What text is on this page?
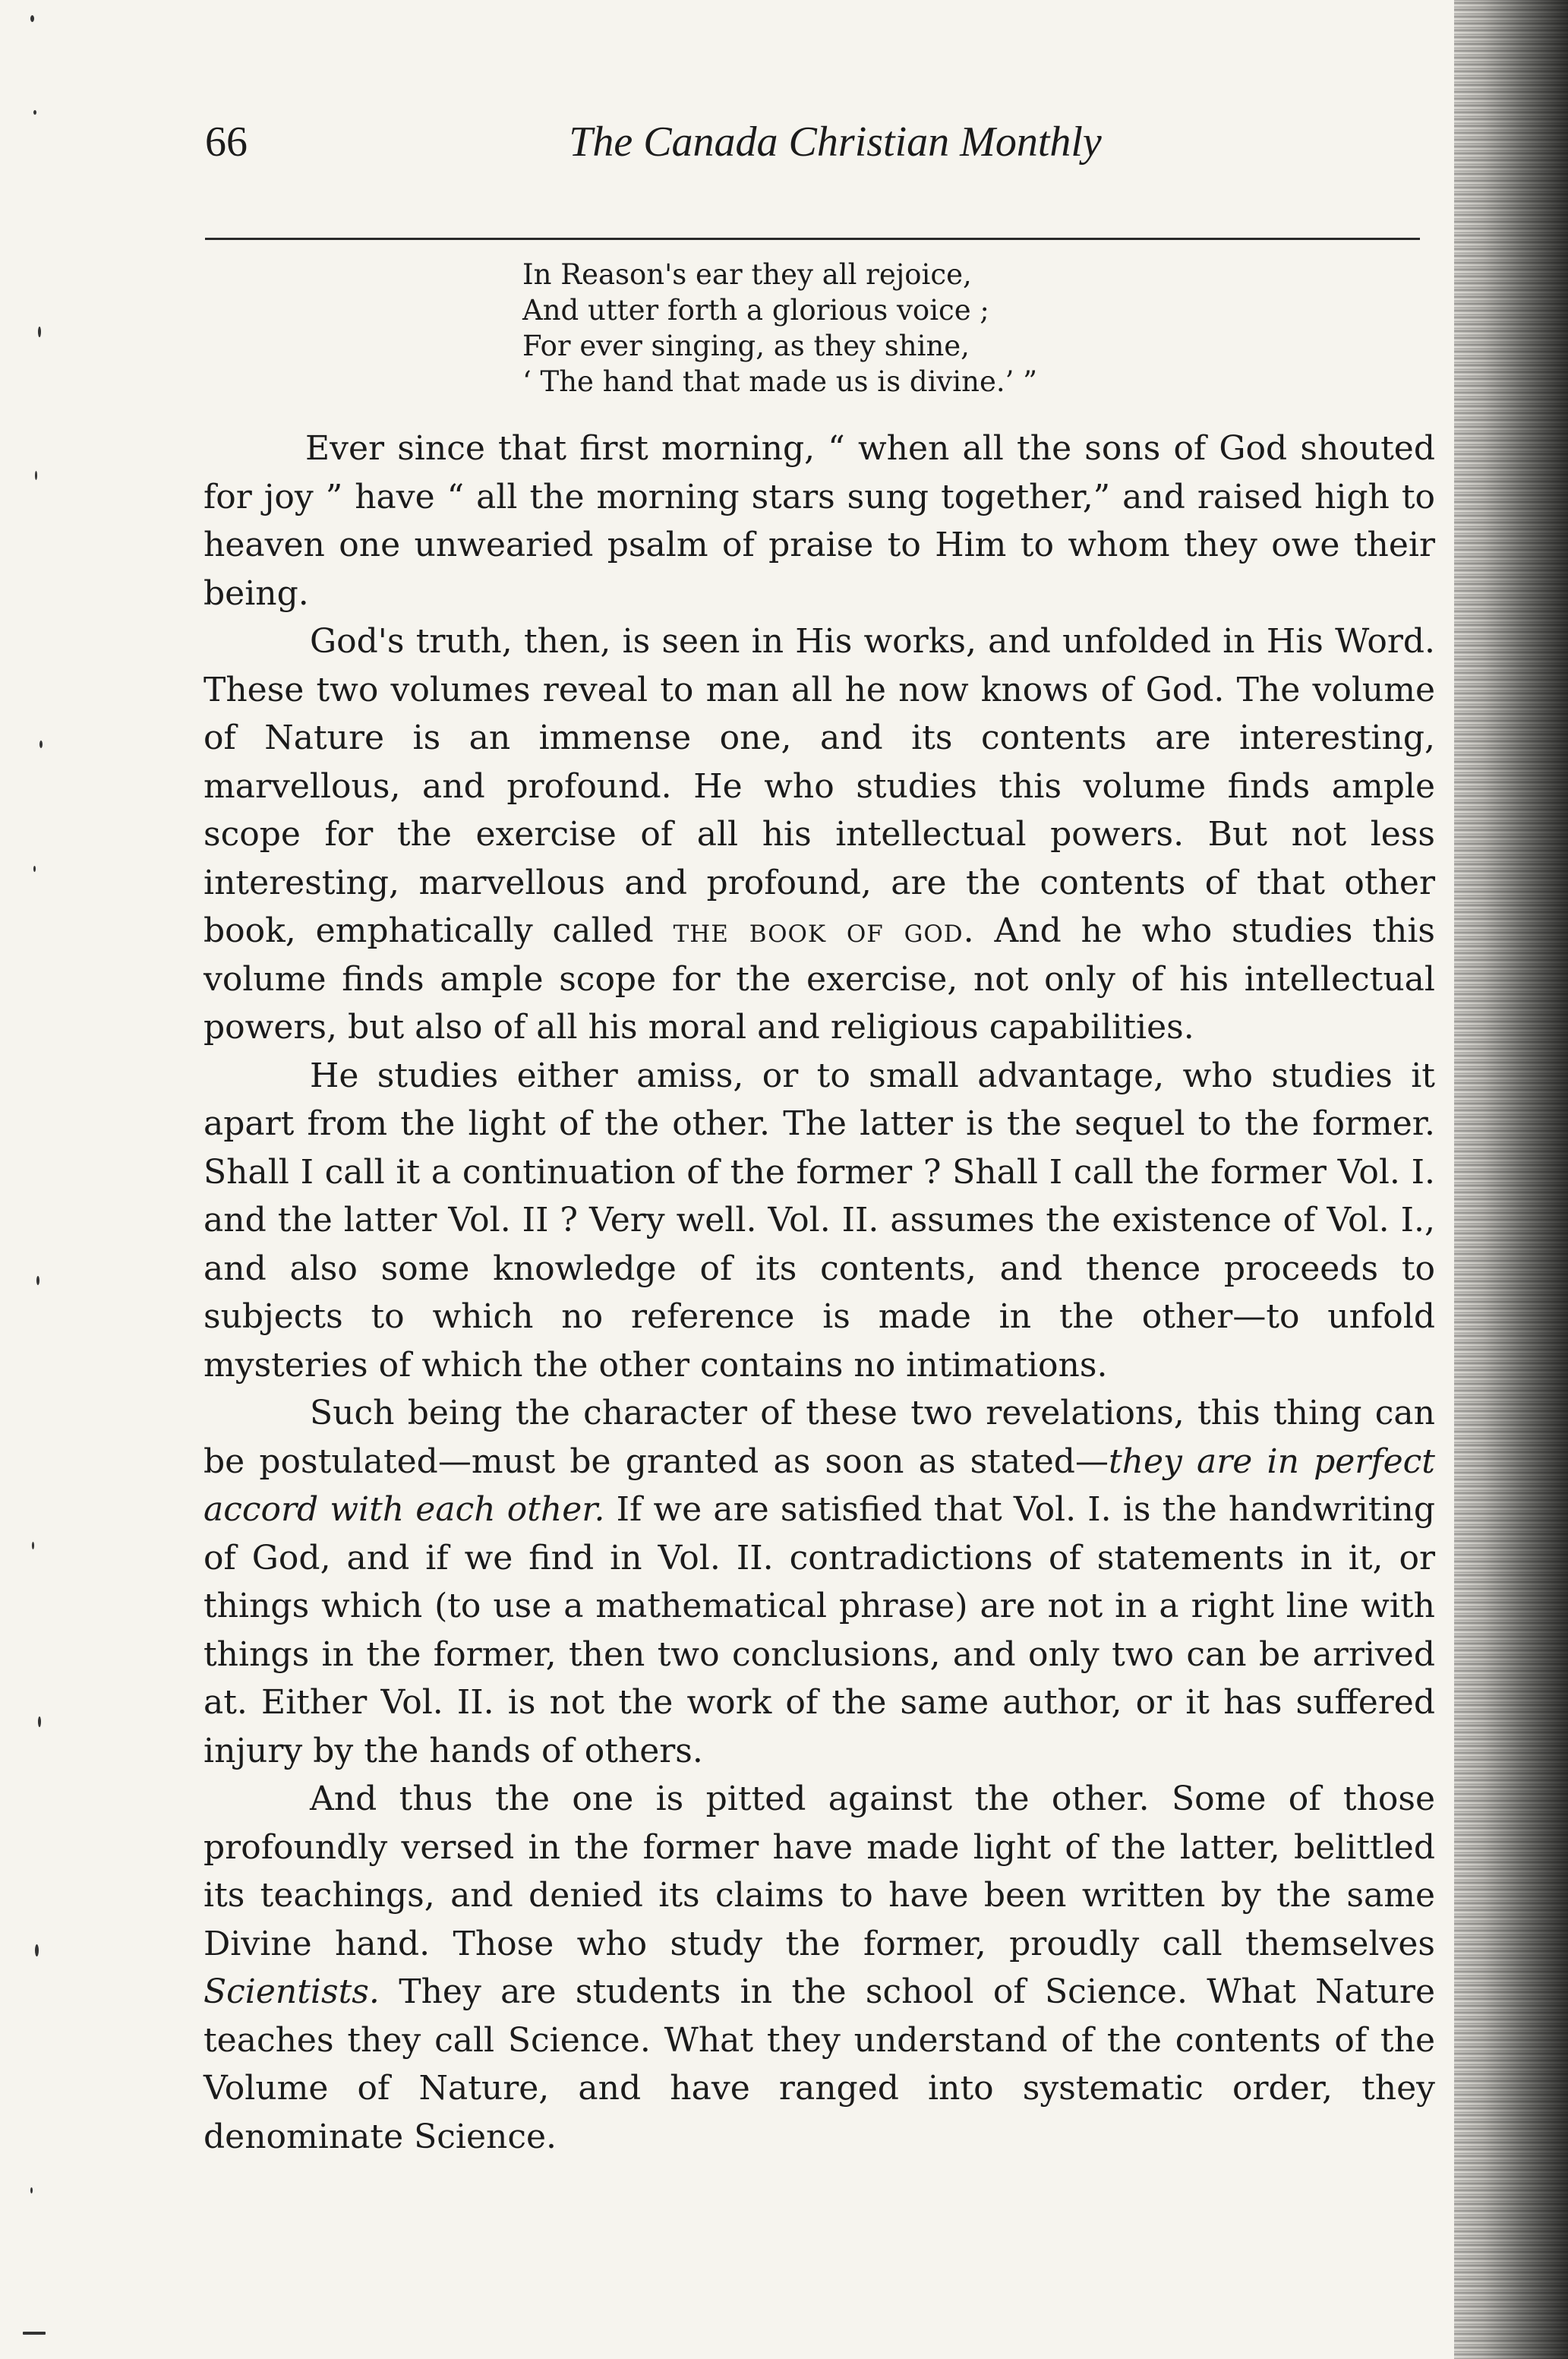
66	The Canada Christian Monthly
In Reason's ear they all rejoice,
And utter forth a glorious voice ;
For ever singing, as they shine,
‘ The hand that made us is divine.’ ”

Ever since that first morning, “ when all the sons of God shouted for joy ” have “ all the morning stars sung together,” and raised high to heaven one unwearied psalm of praise to Him to whom they owe their being.

God's truth, then, is seen in His works, and unfolded in His Word. These two volumes reveal to man all he now knows of God. The volume of Nature is an immense one, and its contents are interesting, marvellous, and profound. He who studies this volume finds ample scope for the exercise of all his intellectual powers. But not less interesting, marvellous and profound, are the contents of that other book, emphatically called the book of god. And he who studies this volume finds ample scope for the exercise, not only of his intellectual powers, but also of all his moral and religious capabilities.

He studies either amiss, or to small advantage, who studies it apart from the light of the other. The latter is the sequel to the former. Shall I call it a continuation of the former ? Shall I call the former Vol. I. and the latter Vol. II ? Very well. Vol. II. assumes the existence of Vol. I., and also some knowledge of its contents, and thence proceeds to subjects to which no reference is made in the other—to unfold mysteries of which the other contains no intimations.

Such being the character of these two revelations, this thing can be postulated—must be granted as soon as stated—they are in perfect accord with each other. If we are satisfied that Vol. I. is the handwriting of God, and if we find in Vol. II. contradictions of statements in it, or things which (to use a mathematical phrase) are not in a right line with things in the former, then two conclusions, and only two can be arrived at. Either Vol. II. is not the work of the same author, or it has suffered injury by the hands of others.

And thus the one is pitted against the other. Some of those profoundly versed in the former have made light of the latter, belittled its teachings, and denied its claims to have been written by the same Divine hand. Those who study the former, proudly call themselves Scientists. They are students in the school of Science. What Nature teaches they call Science. What they understand of the contents of the Volume of Nature, and have ranged into systematic order, they denominate Science.
